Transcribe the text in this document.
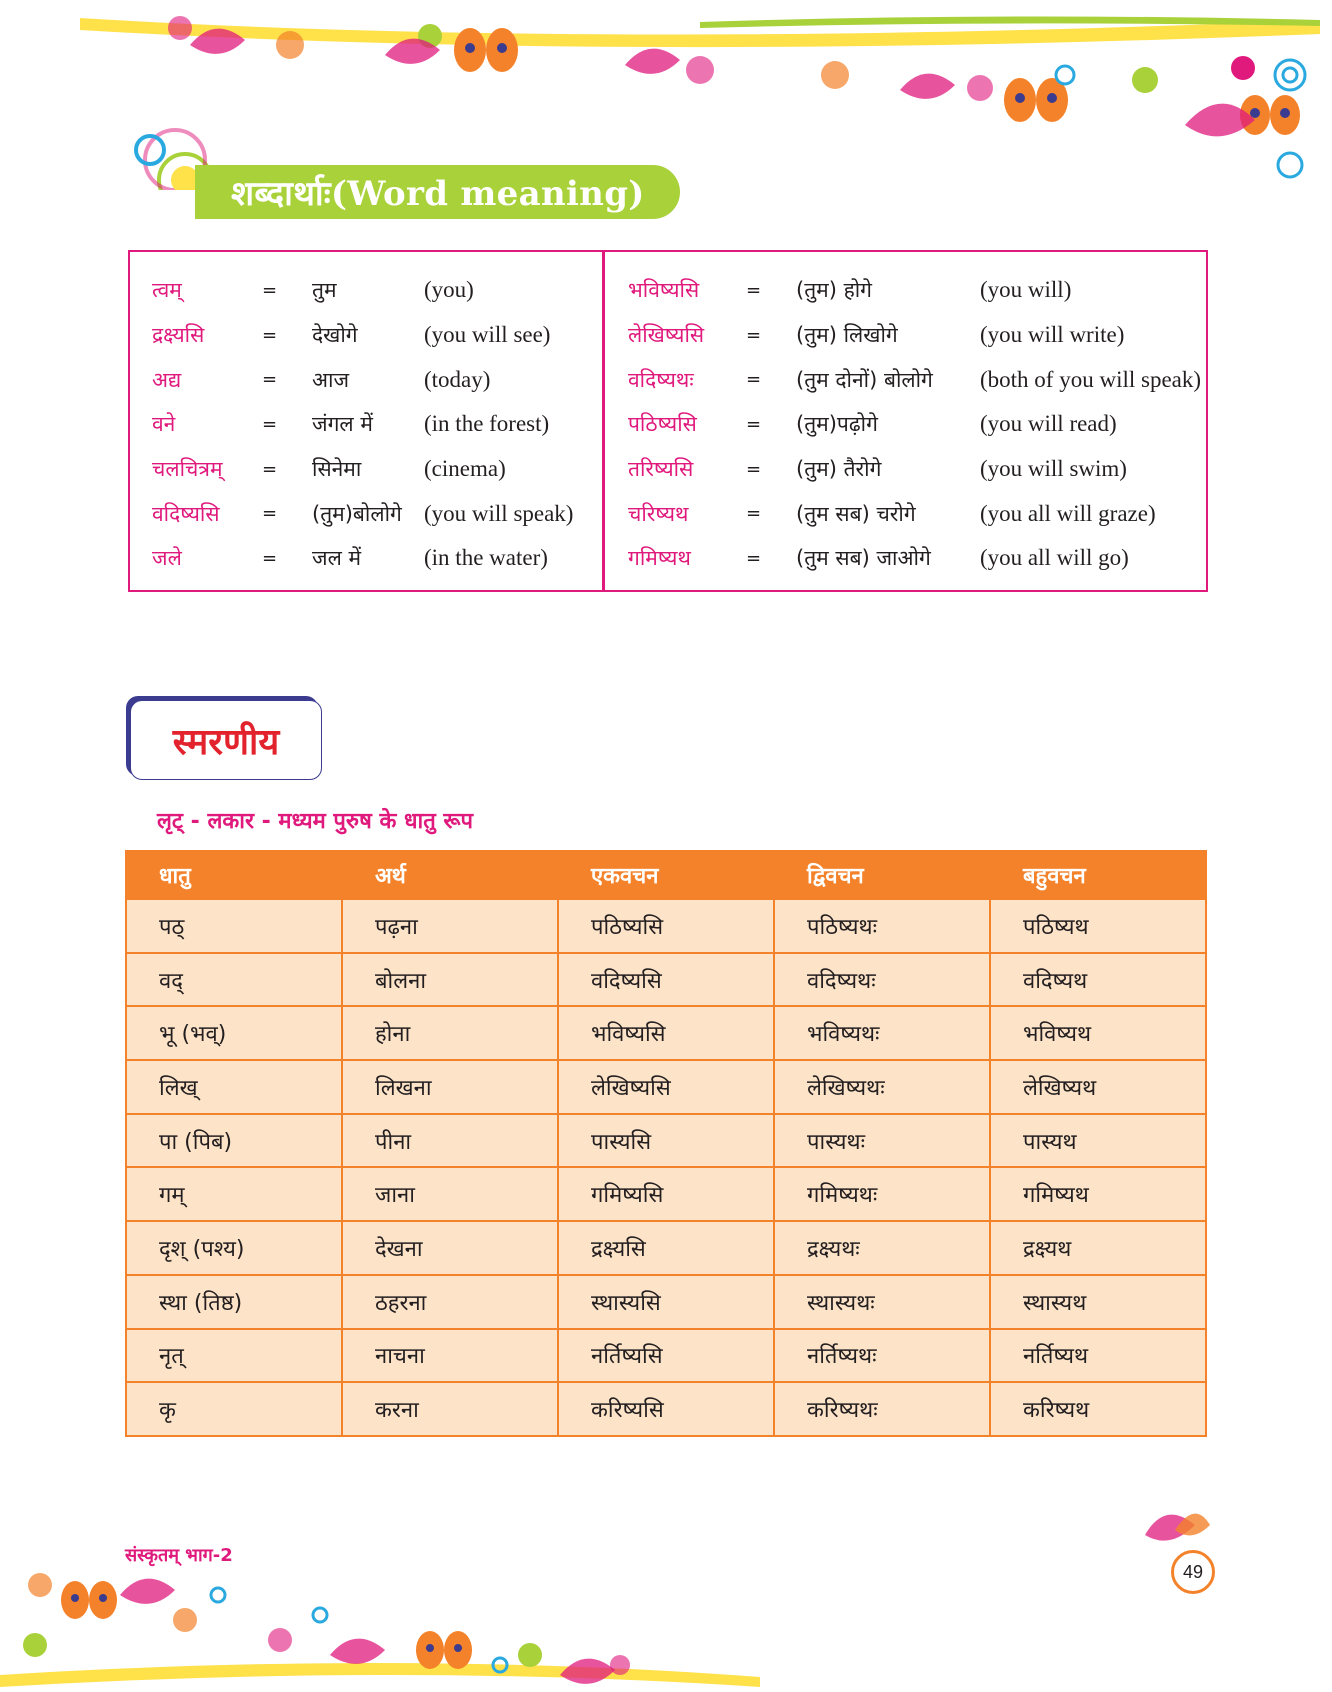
शब्दार्थाः(Word meaning)
त्वम्	=	तुम	(you)
द्रक्ष्यसि	=	देखोगे	(you will see)
अद्य	=	आज	(today)
वने	=	जंगल में	(in the forest)
चलचित्रम्	=	सिनेमा	(cinema)
वदिष्यसि	=	(तुम)बोलोगे (you will speak)
जले	=	जल में	(in the water)
भविष्यसि	=	(तुम) होगे	(you will)
लेखिष्यसि	=	(तुम) लिखोगे	(you will write)
वदिष्यथः	=	(तुम दोनों) बोलोगे	(both of you will speak)
पठिष्यसि	=	(तुम)पढ़ोगे	(you will read)
तरिष्यसि	=	(तुम) तैरोगे	(you will swim)
चरिष्यथ	=	(तुम सब) चरोगे	(you all will graze)
गमिष्यथ	=	(तुम सब) जाओगे	(you all will go)
स्मरणीय
लृट् - लकार - मध्यम पुरुष के धातु रूप
धातु	अर्थ	एकवचन	द्विवचन	बहुवचन
पठ्	पढ़ना	पठिष्यसि	पठिष्यथः	पठिष्यथ
वद्	बोलना	वदिष्यसि	वदिष्यथः	वदिष्यथ
भू (भव्)	होना	भविष्यसि	भविष्यथः	भविष्यथ
लिख्	लिखना	लेखिष्यसि	लेखिष्यथः	लेखिष्यथ
पा (पिब)	पीना	पास्यसि	पास्यथः	पास्यथ
गम्	जाना	गमिष्यसि	गमिष्यथः	गमिष्यथ
दृश् (पश्य)	देखना	द्रक्ष्यसि	द्रक्ष्यथः	द्रक्ष्यथ
स्था (तिष्ठ)	ठहरना	स्थास्यसि	स्थास्यथः	स्थास्यथ
नृत्	नाचना	नर्तिष्यसि	नर्तिष्यथः	नर्तिष्यथ
कृ	करना	करिष्यसि	करिष्यथः	करिष्यथ
संस्कृतम् भाग-2
49
